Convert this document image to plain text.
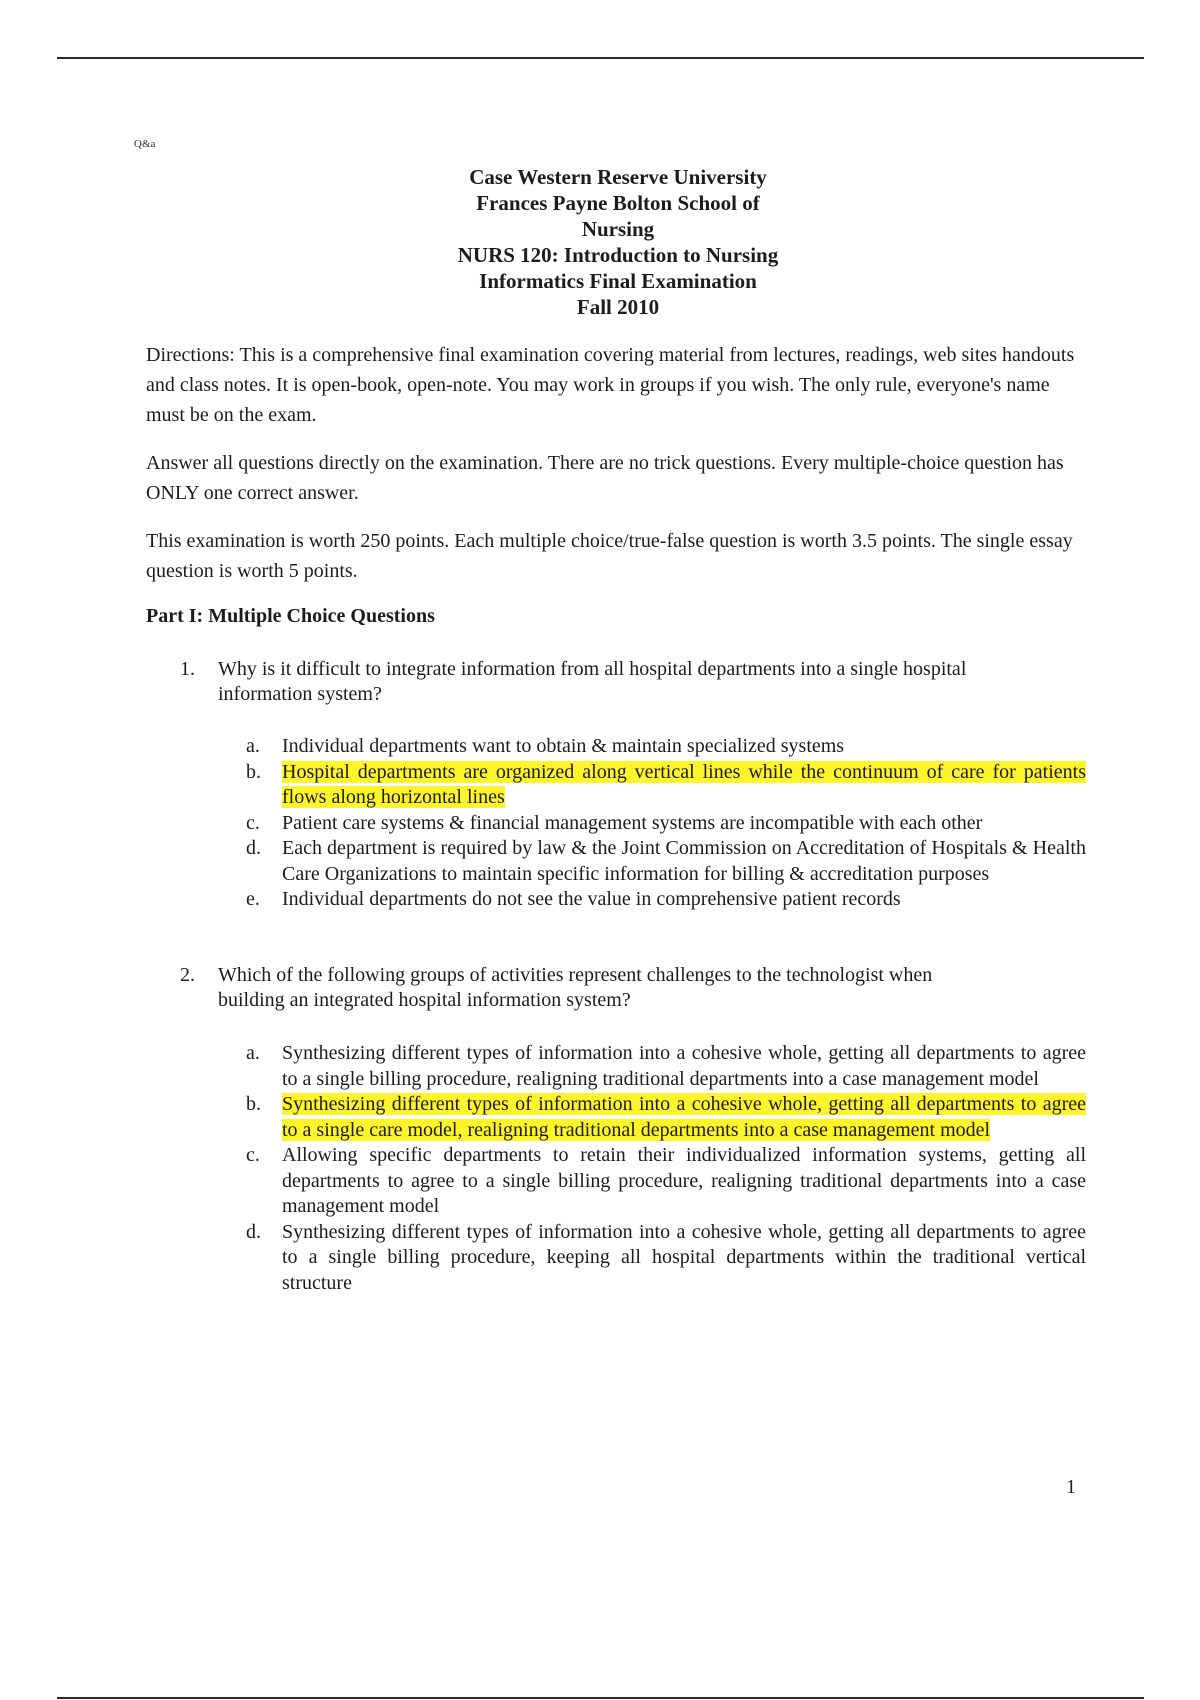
Q&a
Case Western Reserve University
Frances Payne Bolton School of
Nursing
NURS 120: Introduction to Nursing
Informatics Final Examination
Fall 2010

Directions: This is a comprehensive final examination covering material from lectures, readings, web sites handouts and class notes. It is open-book, open-note. You may work in groups if you wish. The only rule, everyone's name must be on the exam.

Answer all questions directly on the examination. There are no trick questions. Every multiple-choice question has ONLY one correct answer.

This examination is worth 250 points. Each multiple choice/true-false question is worth 3.5 points. The single essay question is worth 5 points.

Part I: Multiple Choice Questions
1. Why is it difficult to integrate information from all hospital departments into a single hospital information system?
a. Individual departments want to obtain & maintain specialized systems
b. Hospital departments are organized along vertical lines while the continuum of care for patients flows along horizontal lines
c. Patient care systems & financial management systems are incompatible with each other
d. Each department is required by law & the Joint Commission on Accreditation of Hospitals & Health Care Organizations to maintain specific information for billing & accreditation purposes
e. Individual departments do not see the value in comprehensive patient records
2. Which of the following groups of activities represent challenges to the technologist when building an integrated hospital information system?
a. Synthesizing different types of information into a cohesive whole, getting all departments to agree to a single billing procedure, realigning traditional departments into a case management model
b. Synthesizing different types of information into a cohesive whole, getting all departments to agree to a single care model, realigning traditional departments into a case management model
c. Allowing specific departments to retain their individualized information systems, getting all departments to agree to a single billing procedure, realigning traditional departments into a case management model
d. Synthesizing different types of information into a cohesive whole, getting all departments to agree to a single billing procedure, keeping all hospital departments within the traditional vertical structure
1
